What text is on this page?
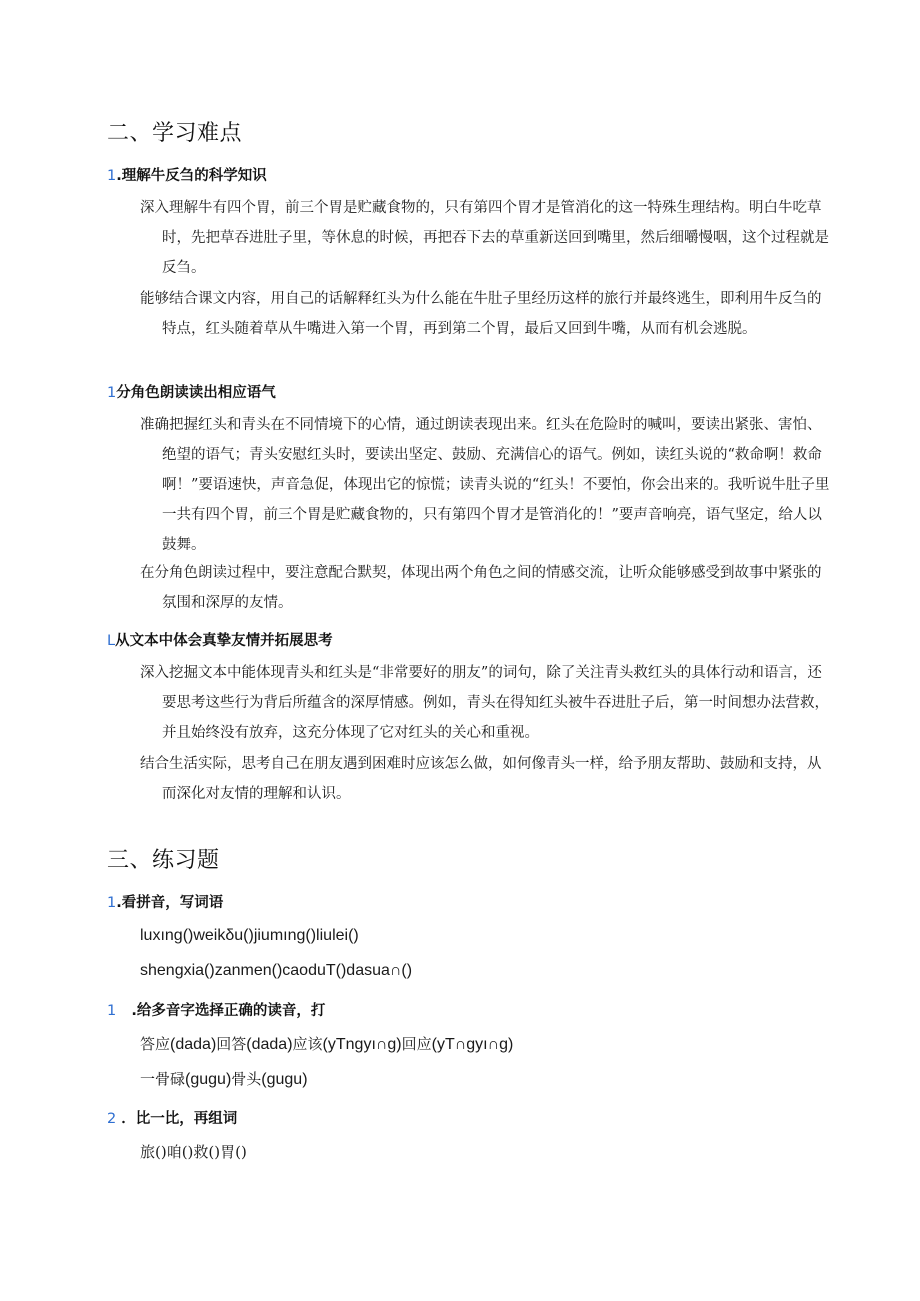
二、学习难点
1.理解牛反刍的科学知识

深入理解牛有四个胃，前三个胃是贮藏食物的，只有第四个胃才是管消化的这一特殊生理结构。明白牛吃草时，先把草吞进肚子里，等休息的时候，再把吞下去的草重新送回到嘴里，然后细嚼慢咽，这个过程就是反刍。

能够结合课文内容，用自己的话解释红头为什么能在牛肚子里经历这样的旅行并最终逃生，即利用牛反刍的特点，红头随着草从牛嘴进入第一个胃，再到第二个胃，最后又回到牛嘴，从而有机会逃脱。

1分角色朗读读出相应语气

准确把握红头和青头在不同情境下的心情，通过朗读表现出来。红头在危险时的喊叫，要读出紧张、害怕、绝望的语气；青头安慰红头时，要读出坚定、鼓励、充满信心的语气。例如，读红头说的“救命啊！救命啊！”要语速快，声音急促，体现出它的惊慌；读青头说的“红头！不要怕，你会出来的。我听说牛肚子里一共有四个胃，前三个胃是贮藏食物的，只有第四个胃才是管消化的！”要声音响亮，语气坚定，给人以鼓舞。

在分角色朗读过程中，要注意配合默契，体现出两个角色之间的情感交流，让听众能够感受到故事中紧张的氛围和深厚的友情。

L从文本中体会真挚友情并拓展思考

深入挖掘文本中能体现青头和红头是“非常要好的朋友”的词句，除了关注青头救红头的具体行动和语言，还要思考这些行为背后所蕴含的深厚情感。例如，青头在得知红头被牛吞进肚子后，第一时间想办法营救，并且始终没有放弃，这充分体现了它对红头的关心和重视。

结合生活实际，思考自己在朋友遇到困难时应该怎么做，如何像青头一样，给予朋友帮助、鼓励和支持，从而深化对友情的理解和认识。

三、练习题
1.看拼音，写词语
luxıng()weikδu()jiumıng()liulei()
shengxia()zanmen()caoduT()dasua∩()
1 .给多音字选择正确的读音，打
答应(dada)回答(dada)应该(yTngyı∩g)回应(yT∩gyı∩g)
一骨碌(gugu)骨头(gugu)
2 ．比一比，再组词
旅()咱()救()胃()
